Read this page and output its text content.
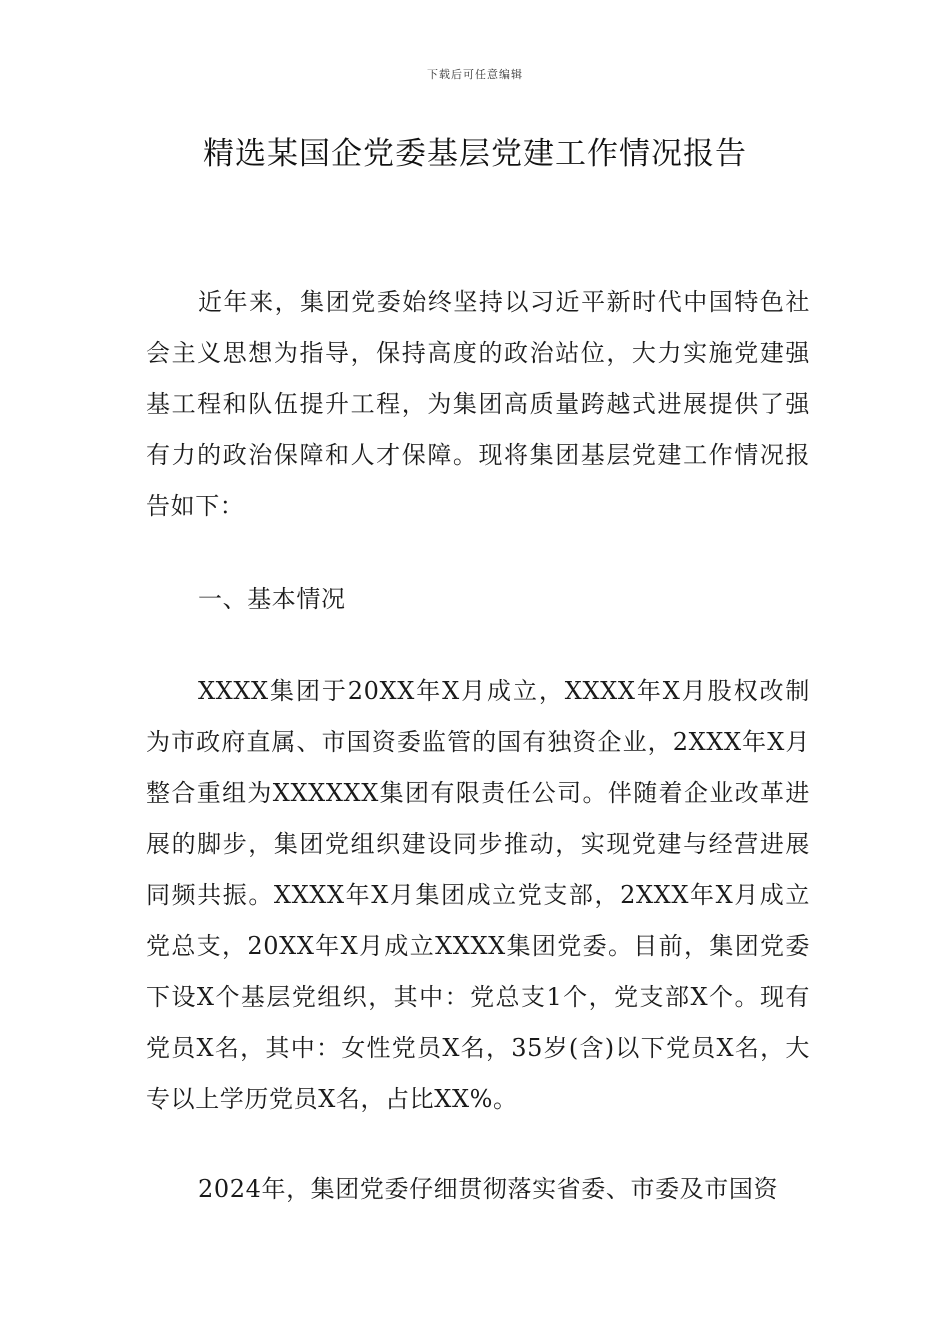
下载后可任意编辑
精选某国企党委基层党建工作情况报告

近年来，集团党委始终坚持以习近平新时代中国特色社会主义思想为指导，保持高度的政治站位，大力实施党建强基工程和队伍提升工程，为集团高质量跨越式进展提供了强有力的政治保障和人才保障。现将集团基层党建工作情况报告如下：

一、基本情况

XXXX集团于20XX年X月成立，XXXX年X月股权改制为市政府直属、市国资委监管的国有独资企业，2XXX年X月整合重组为XXXXXX集团有限责任公司。伴随着企业改革进展的脚步，集团党组织建设同步推动，实现党建与经营进展同频共振。XXXX年X月集团成立党支部，2XXX年X月成立党总支，20XX年X月成立XXXX集团党委。目前，集团党委下设X个基层党组织，其中：党总支1个，党支部X个。现有党员X名，其中：女性党员X名，35岁(含)以下党员X名，大专以上学历党员X名，占比XX%。

2024年，集团党委仔细贯彻落实省委、市委及市国资
